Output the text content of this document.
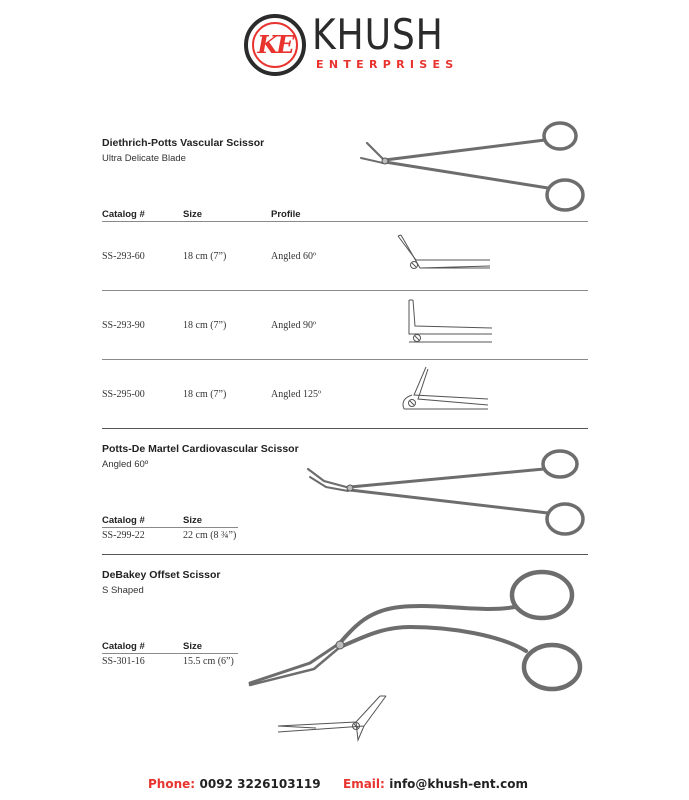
KE KHUSH
ENTERPRISES
Diethrich-Potts Vascular Scissor
Ultra Delicate Blade
Catalog #	Size	Profile
SS-293-60	18 cm (7”)	Angled 60º
SS-293-90	18 cm (7”)	Angled 90º
SS-295-00	18 cm (7”)	Angled 125º
Potts-De Martel Cardiovascular Scissor
Angled 60º
Catalog #	Size
SS-299-22	22 cm (8 ¾”)
DeBakey Offset Scissor
S Shaped
Catalog #	Size
SS-301-16	15.5 cm (6”)
Phone: 0092 3226103119 Email: info@khush-ent.com
